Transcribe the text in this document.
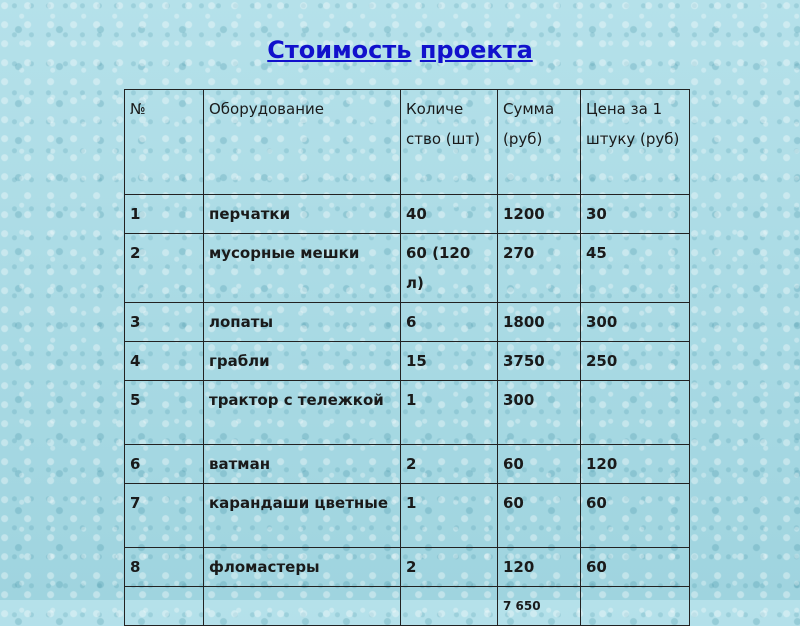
Стоимость проекта
№	Оборудование	Количе ство (шт)	Сумма (руб)	Цена за 1 штуку (руб)
1	перчатки	40	1200	30
2	мусорные мешки	60 (120 л)	270	45
3	лопаты	6	1800	300
4	грабли	15	3750	250
5	трактор с тележкой	1	300	
6	ватман	2	60	120
7	карандаши цветные	1	60	60
8	фломастеры	2	120	60
			7 650	
